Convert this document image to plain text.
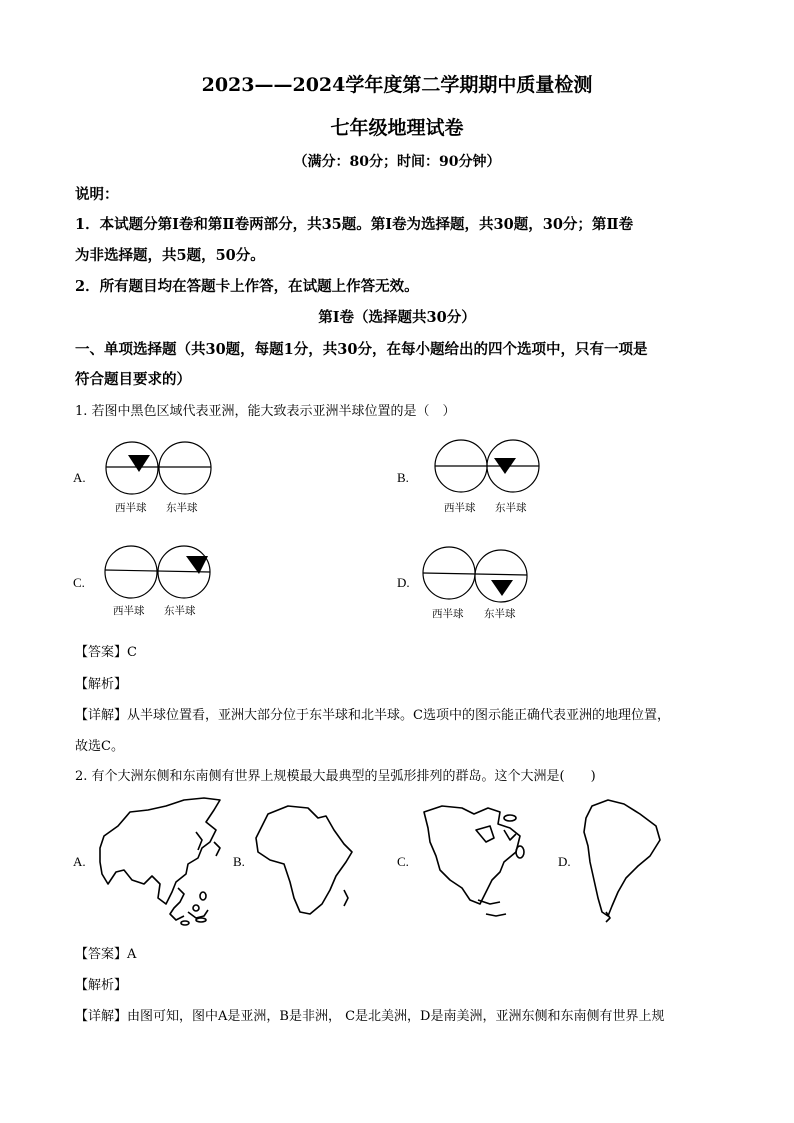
2023——2024学年度第二学期期中质量检测
七年级地理试卷
（满分：80分；时间：90分钟）
说明：
1．本试题分第Ⅰ卷和第Ⅱ卷两部分，共35题。第Ⅰ卷为选择题，共30题，30分；第Ⅱ卷
为非选择题，共5题，50分。
2．所有题目均在答题卡上作答，在试题上作答无效。
第Ⅰ卷（选择题共30分）
一、单项选择题（共30题，每题1分，共30分，在每小题给出的四个选项中，只有一项是
符合题目要求的）
1. 若图中黑色区域代表亚洲，能大致表示亚洲半球位置的是（　）
A.
西半球 东半球
B.
西半球 东半球
C.
西半球 东半球
D.
西半球 东半球
【答案】C
【解析】
【详解】从半球位置看，亚洲大部分位于东半球和北半球。C选项中的图示能正确代表亚洲的地理位置，
故选C。
2. 有个大洲东侧和东南侧有世界上规模最大最典型的呈弧形排列的群岛。这个大洲是(　　)
A.	B.	C.	D.
【答案】A
【解析】
【详解】由图可知，图中A是亚洲，B是非洲， C是北美洲，D是南美洲，亚洲东侧和东南侧有世界上规
